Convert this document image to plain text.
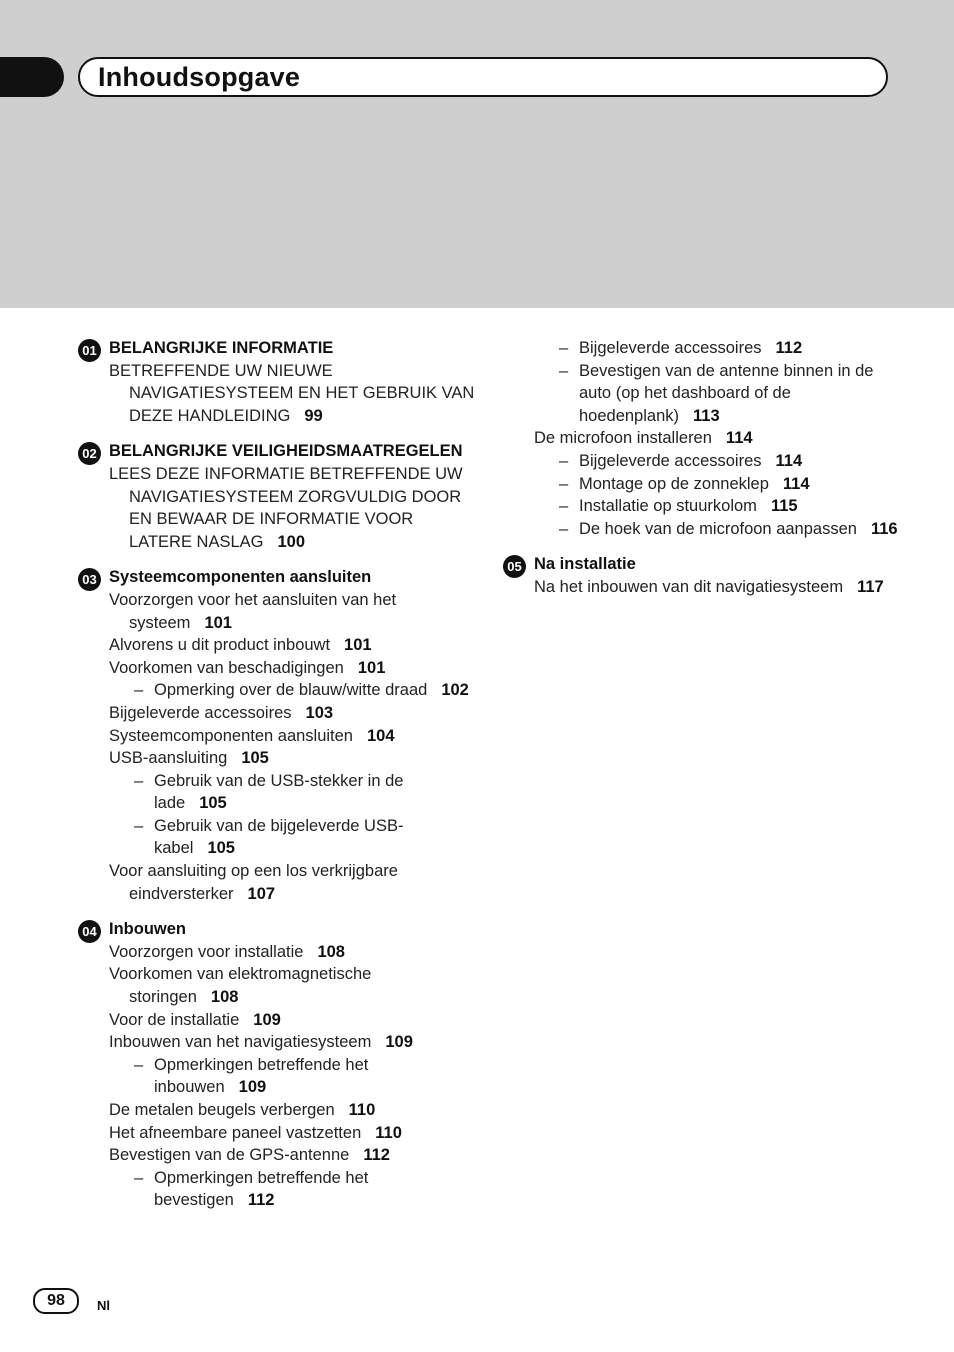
Inhoudsopgave
01 BELANGRIJKE INFORMATIE
BETREFFENDE UW NIEUWE NAVIGATIESYSTEEM EN HET GEBRUIK VAN DEZE HANDLEIDING 99
02 BELANGRIJKE VEILIGHEIDSMAATREGELEN
LEES DEZE INFORMATIE BETREFFENDE UW NAVIGATIESYSTEEM ZORGVULDIG DOOR EN BEWAAR DE INFORMATIE VOOR LATERE NASLAG 100
03 Systeemcomponenten aansluiten
Voorzorgen voor het aansluiten van het systeem 101
Alvorens u dit product inbouwt 101
Voorkomen van beschadigingen 101
– Opmerking over de blauw/witte draad 102
Bijgeleverde accessoires 103
Systeemcomponenten aansluiten 104
USB-aansluiting 105
– Gebruik van de USB-stekker in de lade 105
– Gebruik van de bijgeleverde USB-kabel 105
Voor aansluiting op een los verkrijgbare eindversterker 107
04 Inbouwen
Voorzorgen voor installatie 108
Voorkomen van elektromagnetische storingen 108
Voor de installatie 109
Inbouwen van het navigatiesysteem 109
– Opmerkingen betreffende het inbouwen 109
De metalen beugels verbergen 110
Het afneembare paneel vastzetten 110
Bevestigen van de GPS-antenne 112
– Opmerkingen betreffende het bevestigen 112
– Bijgeleverde accessoires 112
– Bevestigen van de antenne binnen in de auto (op het dashboard of de hoedenplank) 113
De microfoon installeren 114
– Bijgeleverde accessoires 114
– Montage op de zonneklep 114
– Installatie op stuurkolom 115
– De hoek van de microfoon aanpassen 116
05 Na installatie
Na het inbouwen van dit navigatiesysteem 117
98	Nl
